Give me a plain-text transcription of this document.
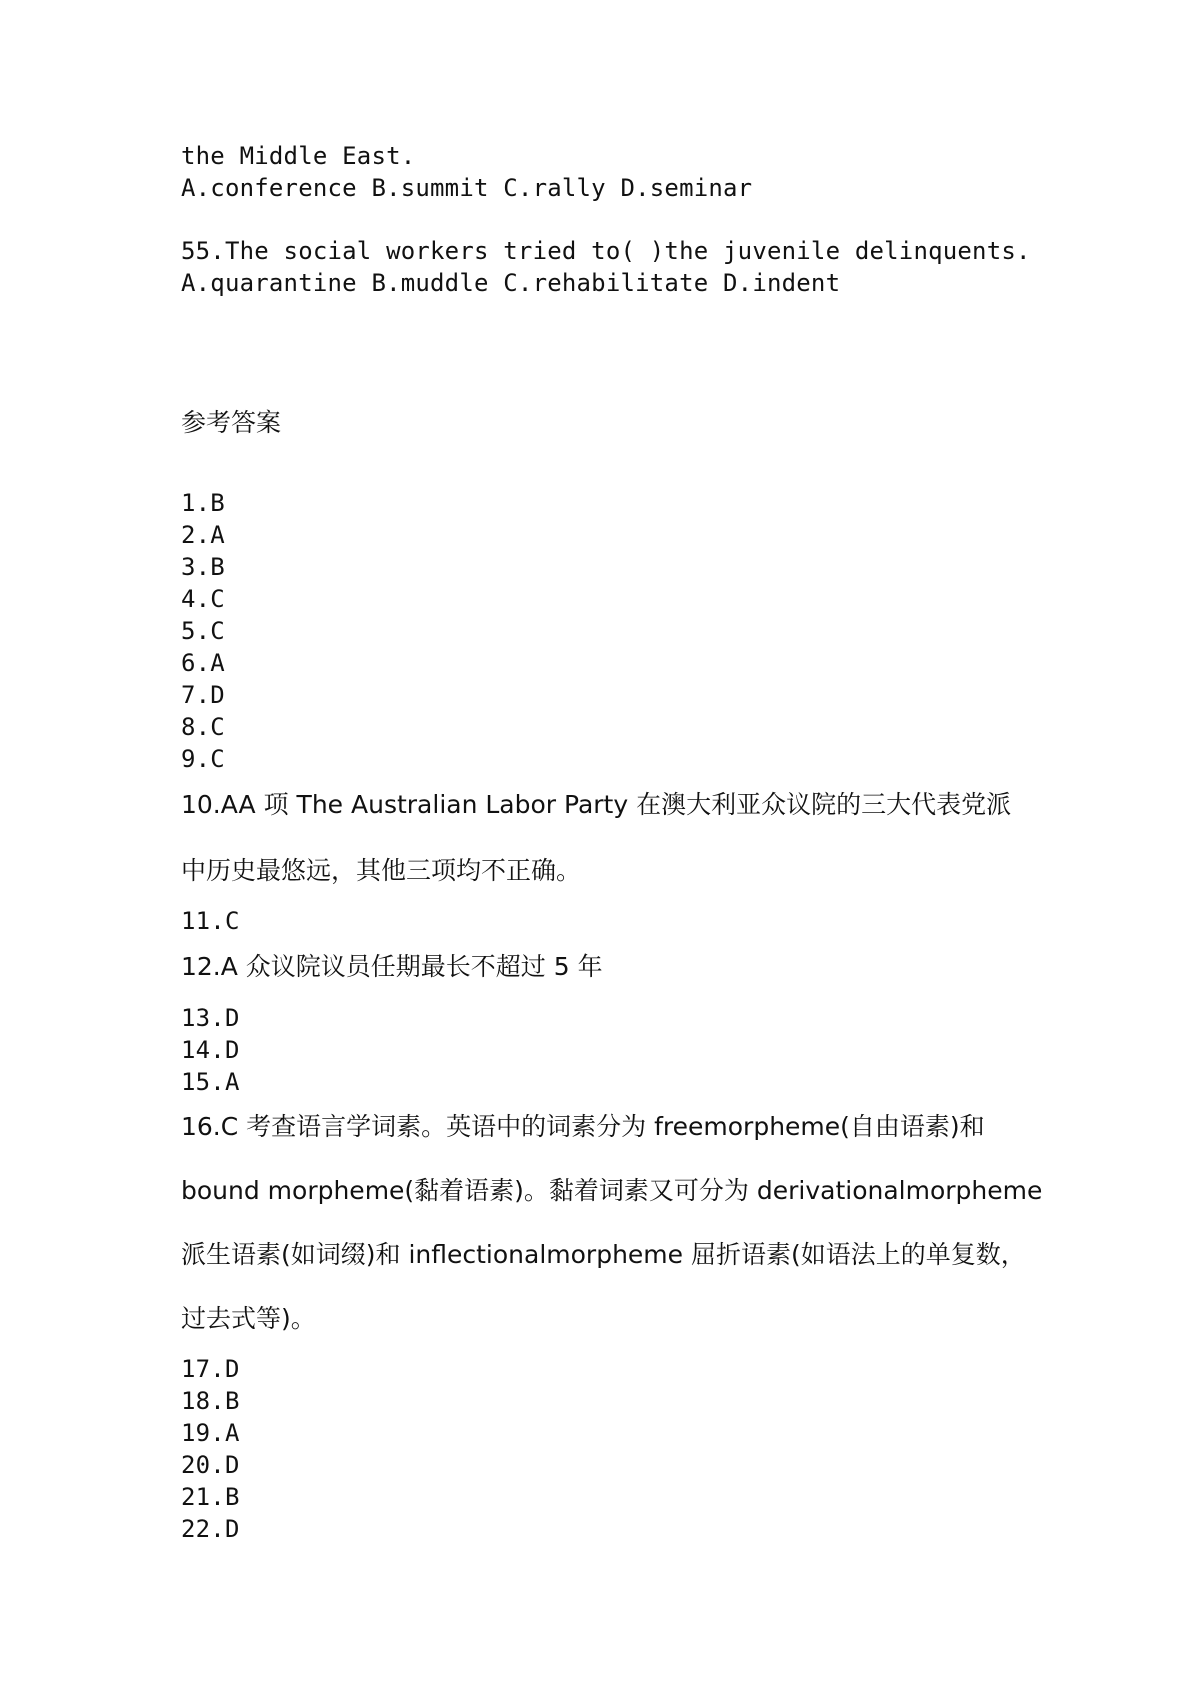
the Middle East.
A.conference B.summit C.rally D.seminar
55.The social workers tried to( )the juvenile delinquents.
A.quarantine B.muddle C.rehabilitate D.indent
参考答案
1.B
2.A
3.B
4.C
5.C
6.A
7.D
8.C
9.C
10.AA 项 The Australian Labor Party 在澳大利亚众议院的三大代表党派
中历史最悠远，其他三项均不正确。
11.C
12.A 众议院议员任期最长不超过 5 年
13.D
14.D
15.A
16.C 考查语言学词素。英语中的词素分为 freemorpheme(自由语素)和
bound morpheme(黏着语素)。黏着词素又可分为 derivationalmorpheme
派生语素(如词缀)和 inflectionalmorpheme 屈折语素(如语法上的单复数，
过去式等)。
17.D
18.B
19.A
20.D
21.B
22.D
